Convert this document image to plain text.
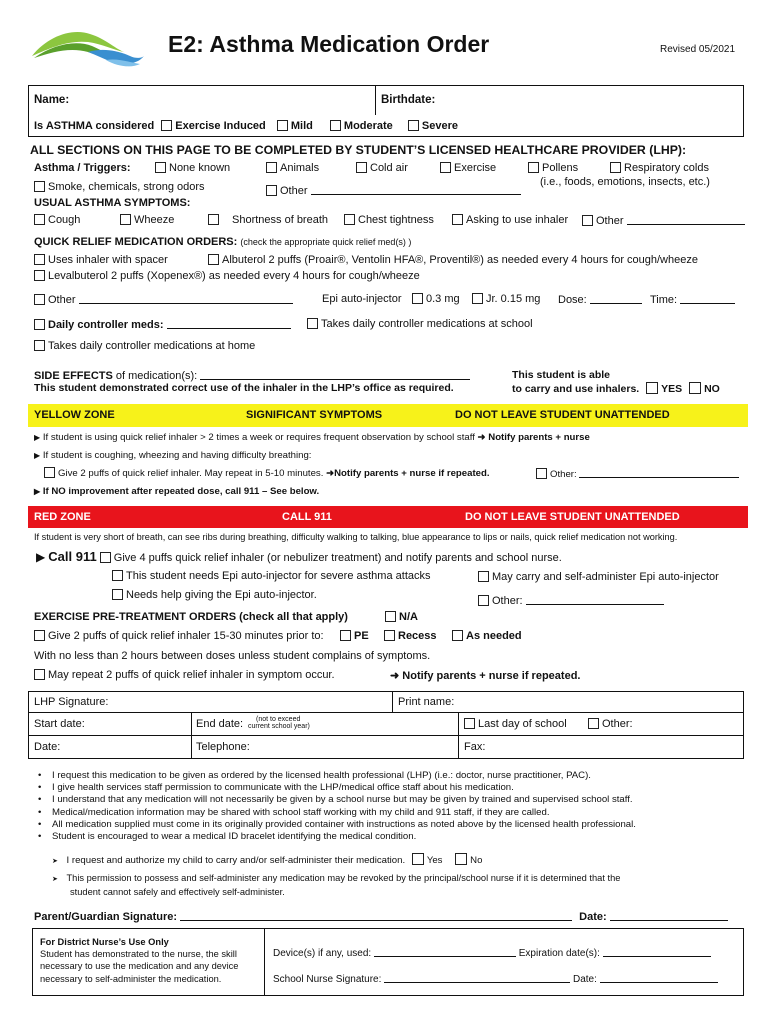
E2: Asthma Medication Order	Revised 05/2021
Name:	Birthdate:
Is ASTHMA considered Exercise Induced Mild	Moderate	Severe
ALL SECTIONS ON THIS PAGE TO BE COMPLETED BY STUDENT’S LICENSED HEALTHCARE PROVIDER (LHP):
Asthma / Triggers:	None known	Animals	Cold air	Exercise	Pollens	Respiratory colds
(i.e., foods, emotions, insects, etc.)
Smoke, chemicals, strong odors	Other
USUAL ASTHMA SYMPTOMS:
Cough	Wheeze	Shortness of breath	Chest tightness	Asking to use inhaler	Other
QUICK RELIEF MEDICATION ORDERS: (check the appropriate quick relief med(s) )
Uses inhaler with spacer	Albuterol 2 puffs (Proair®, Ventolin HFA®, Proventil®) as needed every 4 hours for cough/wheeze
Levalbuterol 2 puffs (Xopenex®) as needed every 4 hours for cough/wheeze
Other	Epi auto-injector	0.3 mg	Jr. 0.15 mg Dose:	Time:
Daily controller meds:	Takes daily controller medications at school
Takes daily controller medications at home
SIDE EFFECTS of medication(s):
This student demonstrated correct use of the inhaler in the LHP’s office as required.
This student is able
to carry and use inhalers. YES NO
YELLOW ZONE	SIGNIFICANT SYMPTOMS	DO NOT LEAVE STUDENT UNATTENDED
▶ If student is using quick relief inhaler > 2 times a week or requires frequent observation by school staff ➜ Notify parents + nurse
▶ If student is coughing, wheezing and having difficulty breathing:
Give 2 puffs of quick relief inhaler. May repeat in 5-10 minutes. ➜Notify parents + nurse if repeated.	Other:
▶ If NO improvement after repeated dose, call 911 – See below.
RED ZONE	CALL 911	DO NOT LEAVE STUDENT UNATTENDED
If student is very short of breath, can see ribs during breathing, difficulty walking to talking, blue appearance to lips or nails, quick relief medication not working.
▶ Call 911 Give 4 puffs quick relief inhaler (or nebulizer treatment) and notify parents and school nurse.
This student needs Epi auto-injector for severe asthma attacks	May carry and self-administer Epi auto-injector
Needs help giving the Epi auto-injector.	Other:
EXERCISE PRE-TREATMENT ORDERS (check all that apply)	N/A
Give 2 puffs of quick relief inhaler 15-30 minutes prior to:	PE	Recess	As needed
With no less than 2 hours between doses unless student complains of symptoms.
May repeat 2 puffs of quick relief inhaler in symptom occur.	➜ Notify parents + nurse if repeated.
LHP Signature:	Print name:
Start date:	End date:	(not to exceed
current school year)	Last day of school	Other:
Date:	Telephone:	Fax:
• I request this medication to be given as ordered by the licensed health professional (LHP) (i.e.: doctor, nurse practitioner, PAC).
• I give health services staff permission to communicate with the LHP/medical office staff about his medication.
• I understand that any medication will not necessarily be given by a school nurse but may be given by trained and supervised school staff.
• Medical/medication information may be shared with school staff working with my child and 911 staff, if they are called.
• All medication supplied must come in its originally provided container with instructions as noted above by the licensed health professional.
• Student is encouraged to wear a medical ID bracelet identifying the medical condition.
➤ I request and authorize my child to carry and/or self-administer their medication. Yes	No
➤ This permission to possess and self-administer any medication may be revoked by the principal/school nurse if it is determined that the
student cannot safely and effectively self-administer.
Parent/Guardian Signature:	Date:
For District Nurse’s Use Only
Student has demonstrated to the nurse, the skill
necessary to use the medication and any device
necessary to self-administer the medication.
Device(s) if any, used:	Expiration date(s):
School Nurse Signature:	Date:
